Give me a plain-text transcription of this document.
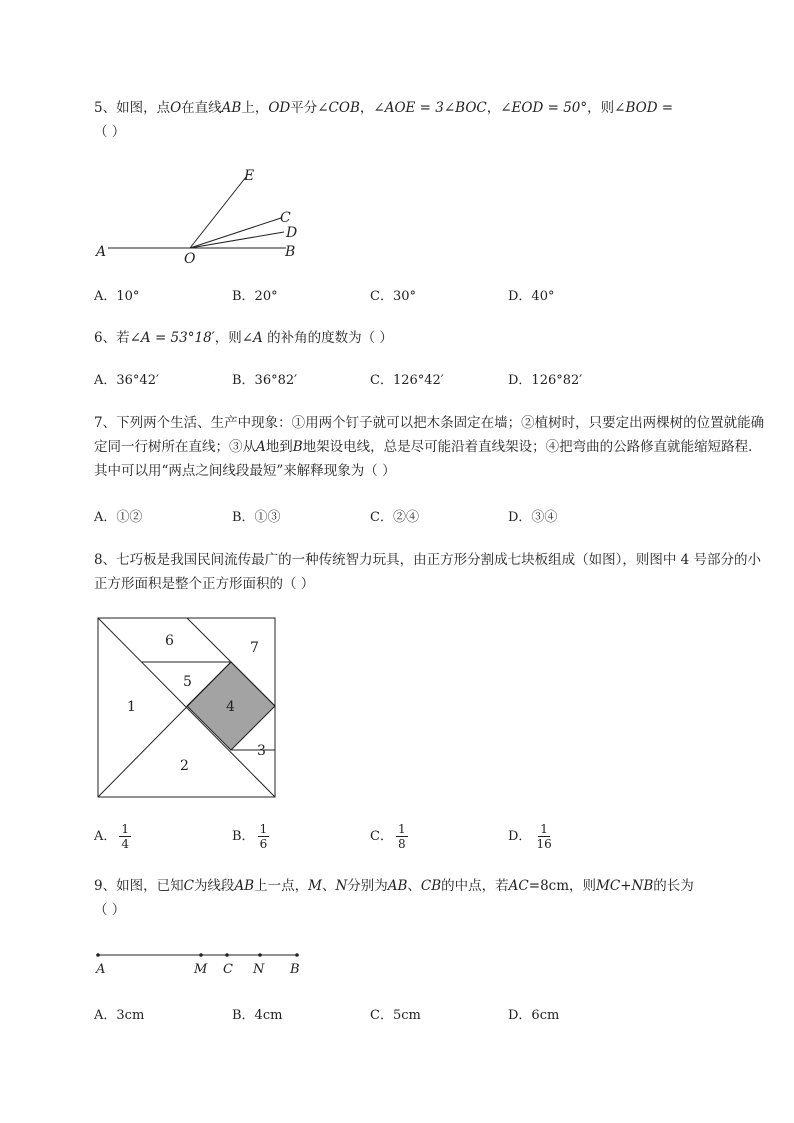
5、如图，点O在直线AB上，OD平分∠COB，∠AOE = 3∠BOC，∠EOD = 50°，则∠BOD =
（ ）
E
C
D
A	O	B
A．10°	B．20°	C．30°	D．40°
6、若∠A = 53°18′，则∠A 的补角的度数为（ ）
A．36°42′	B．36°82′	C．126°42′	D．126°82′
7、下列两个生活、生产中现象：①用两个钉子就可以把木条固定在墙；②植树时，只要定出两棵树的位置就能确定同一行树所在直线；③从A地到B地架设电线，总是尽可能沿着直线架设；④把弯曲的公路修直就能缩短路程．其中可以用“两点之间线段最短”来解释现象为（ ）
A．①②	B．①③	C．②④	D．③④
8、七巧板是我国民间流传最广的一种传统智力玩具，由正方形分割成七块板组成（如图），则图中 4 号部分的小正方形面积是整个正方形面积的（ ）
6	7
5
1	4
3
2
A． $\frac{1}{4}$	B． $\frac{1}{6}$	C． $\frac{1}{8}$	D． $\frac{1}{16}$
9、如图，已知C为线段AB上一点，M、N分别为AB、CB的中点，若AC=8cm，则MC+NB的长为
（ ）
A	M C N B
A．3cm	B．4cm	C．5cm	D．6cm
